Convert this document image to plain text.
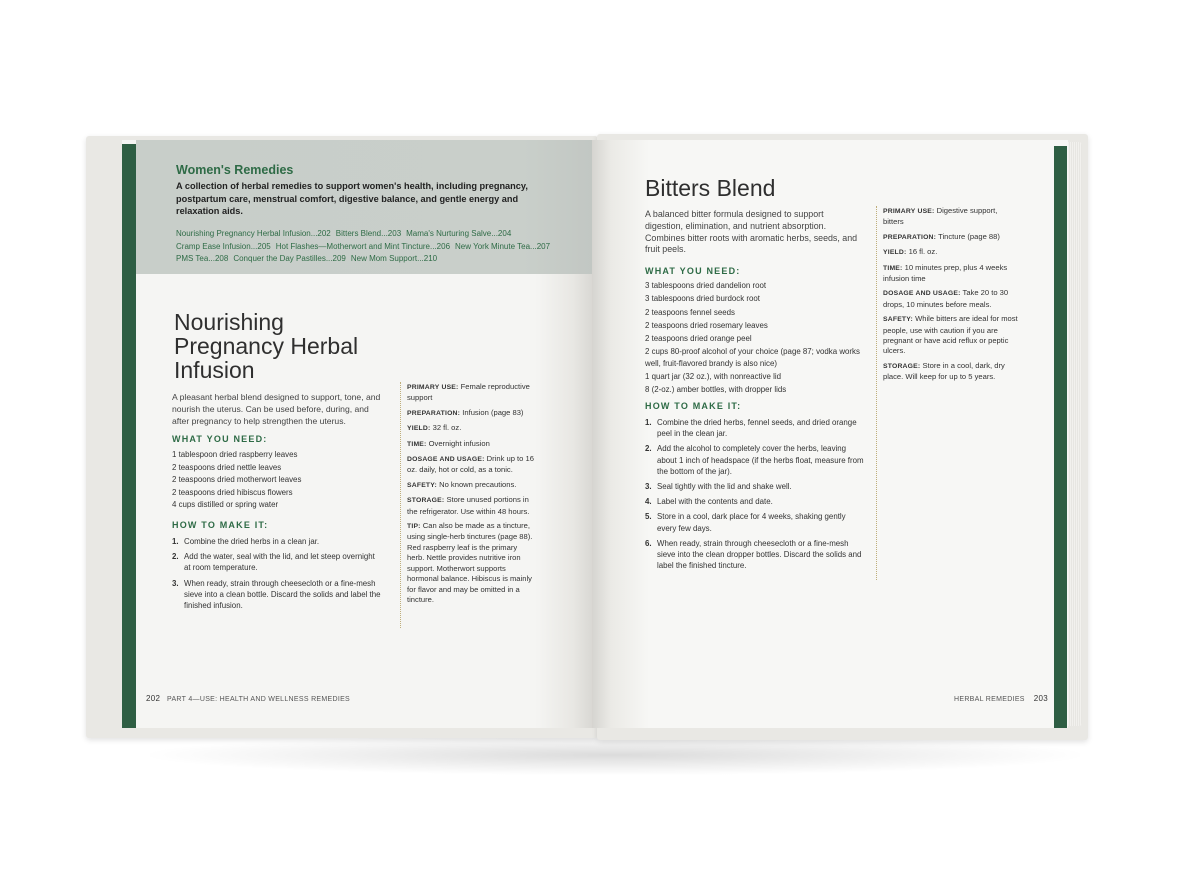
Women's Remedies
A collection of herbal remedies to support women's health, including pregnancy, postpartum care, menstrual comfort, digestive balance, and gentle energy and relaxation aids.
Nourishing Pregnancy Herbal Infusion...202 Bitters Blend...203 Mama's Nurturing Salve...204
Cramp Ease Infusion...205 Hot Flashes—Motherwort and Mint Tincture...206 New York Minute Tea...207
PMS Tea...208 Conquer the Day Pastilles...209 New Mom Support...210
Nourishing
Pregnancy Herbal
Infusion
A pleasant herbal blend designed to support, tone, and nourish the uterus. Can be used before, during, and after pregnancy to help strengthen the uterus.
WHAT YOU NEED:
1 tablespoon dried raspberry leaves
2 teaspoons dried nettle leaves
2 teaspoons dried motherwort leaves
2 teaspoons dried hibiscus flowers
4 cups distilled or spring water
HOW TO MAKE IT:
1. Combine the dried herbs in a clean jar.
2. Add the water, seal with the lid, and let steep overnight at room temperature.
3. When ready, strain through cheesecloth or a fine-mesh sieve into a clean bottle. Discard the solids and label the finished infusion.
PRIMARY USE: Female reproductive support
PREPARATION: Infusion (page 83)
YIELD: 32 fl. oz.
TIME: Overnight infusion
DOSAGE AND USAGE: Drink up to 16 oz. daily, hot or cold, as a tonic.
SAFETY: No known precautions.
STORAGE: Store unused portions in the refrigerator. Use within 48 hours.
TIP: Can also be made as a tincture, using single-herb tinctures (page 88). Red raspberry leaf is the primary herb. Nettle provides nutritive iron support. Motherwort supports hormonal balance. Hibiscus is mainly for flavor and may be omitted in a tincture.
202 PART 4—USE: HEALTH AND WELLNESS REMEDIES
Bitters Blend
A balanced bitter formula designed to support digestion, elimination, and nutrient absorption. Combines bitter roots with aromatic herbs, seeds, and fruit peels.
WHAT YOU NEED:
3 tablespoons dried dandelion root
3 tablespoons dried burdock root
2 teaspoons fennel seeds
2 teaspoons dried rosemary leaves
2 teaspoons dried orange peel
2 cups 80-proof alcohol of your choice (page 87; vodka works well, fruit-flavored brandy is also nice)
1 quart jar (32 oz.), with nonreactive lid
8 (2-oz.) amber bottles, with dropper lids
HOW TO MAKE IT:
1. Combine the dried herbs, fennel seeds, and dried orange peel in the clean jar.
2. Add the alcohol to completely cover the herbs, leaving about 1 inch of headspace (if the herbs float, measure from the bottom of the jar).
3. Seal tightly with the lid and shake well.
4. Label with the contents and date.
5. Store in a cool, dark place for 4 weeks, shaking gently every few days.
6. When ready, strain through cheesecloth or a fine-mesh sieve into the clean dropper bottles. Discard the solids and label the finished tincture.
PRIMARY USE: Digestive support, bitters
PREPARATION: Tincture (page 88)
YIELD: 16 fl. oz.
TIME: 10 minutes prep, plus 4 weeks infusion time
DOSAGE AND USAGE: Take 20 to 30 drops, 10 minutes before meals.
SAFETY: While bitters are ideal for most people, use with caution if you are pregnant or have acid reflux or peptic ulcers.
STORAGE: Store in a cool, dark, dry place. Will keep for up to 5 years.
HERBAL REMEDIES 203
